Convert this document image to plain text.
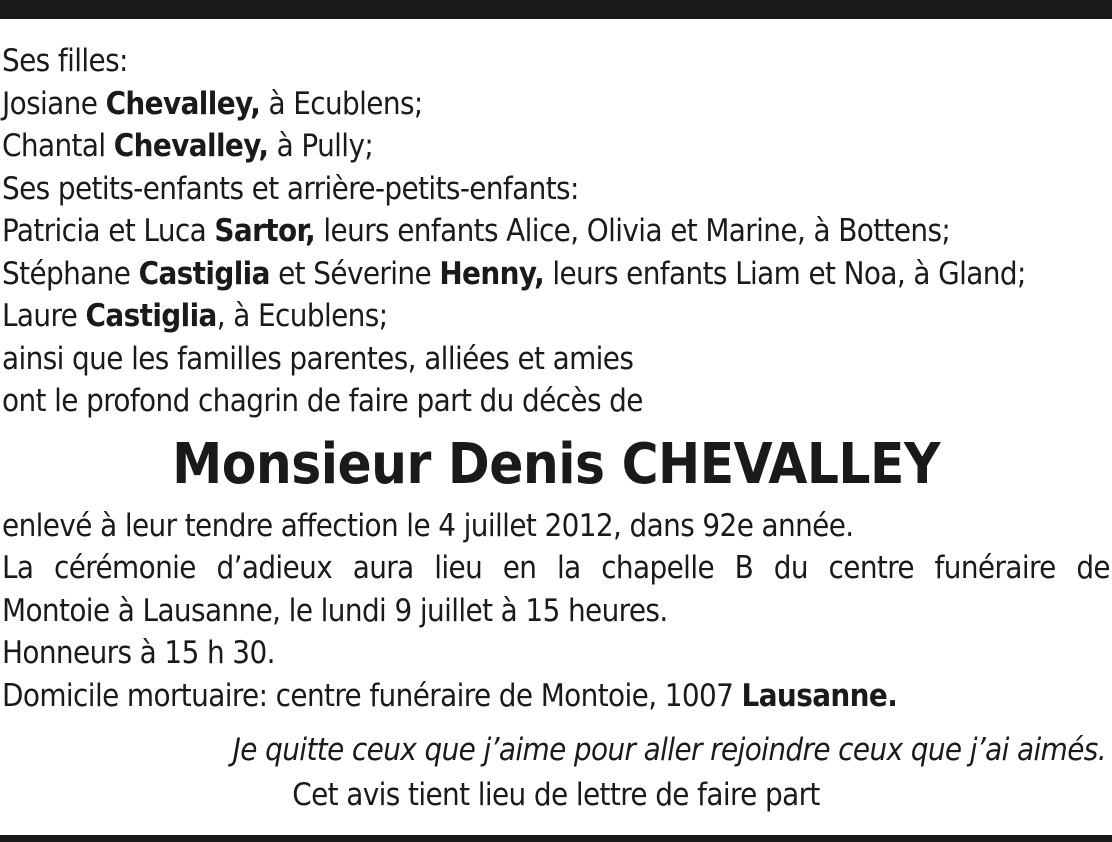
Ses filles:
Josiane Chevalley, à Ecublens;
Chantal Chevalley, à Pully;
Ses petits-enfants et arrière-petits-enfants:
Patricia et Luca Sartor, leurs enfants Alice, Olivia et Marine, à Bottens;
Stéphane Castiglia et Séverine Henny, leurs enfants Liam et Noa, à Gland;
Laure Castiglia, à Ecublens;
ainsi que les familles parentes, alliées et amies
ont le profond chagrin de faire part du décès de
Monsieur Denis CHEVALLEY
enlevé à leur tendre affection le 4 juillet 2012, dans 92e année.
La cérémonie d’adieux aura lieu en la chapelle B du centre funéraire de
Montoie à Lausanne, le lundi 9 juillet à 15 heures.
Honneurs à 15 h 30.
Domicile mortuaire: centre funéraire de Montoie, 1007 Lausanne.
Je quitte ceux que j’aime pour aller rejoindre ceux que j’ai aimés.
Cet avis tient lieu de lettre de faire part
